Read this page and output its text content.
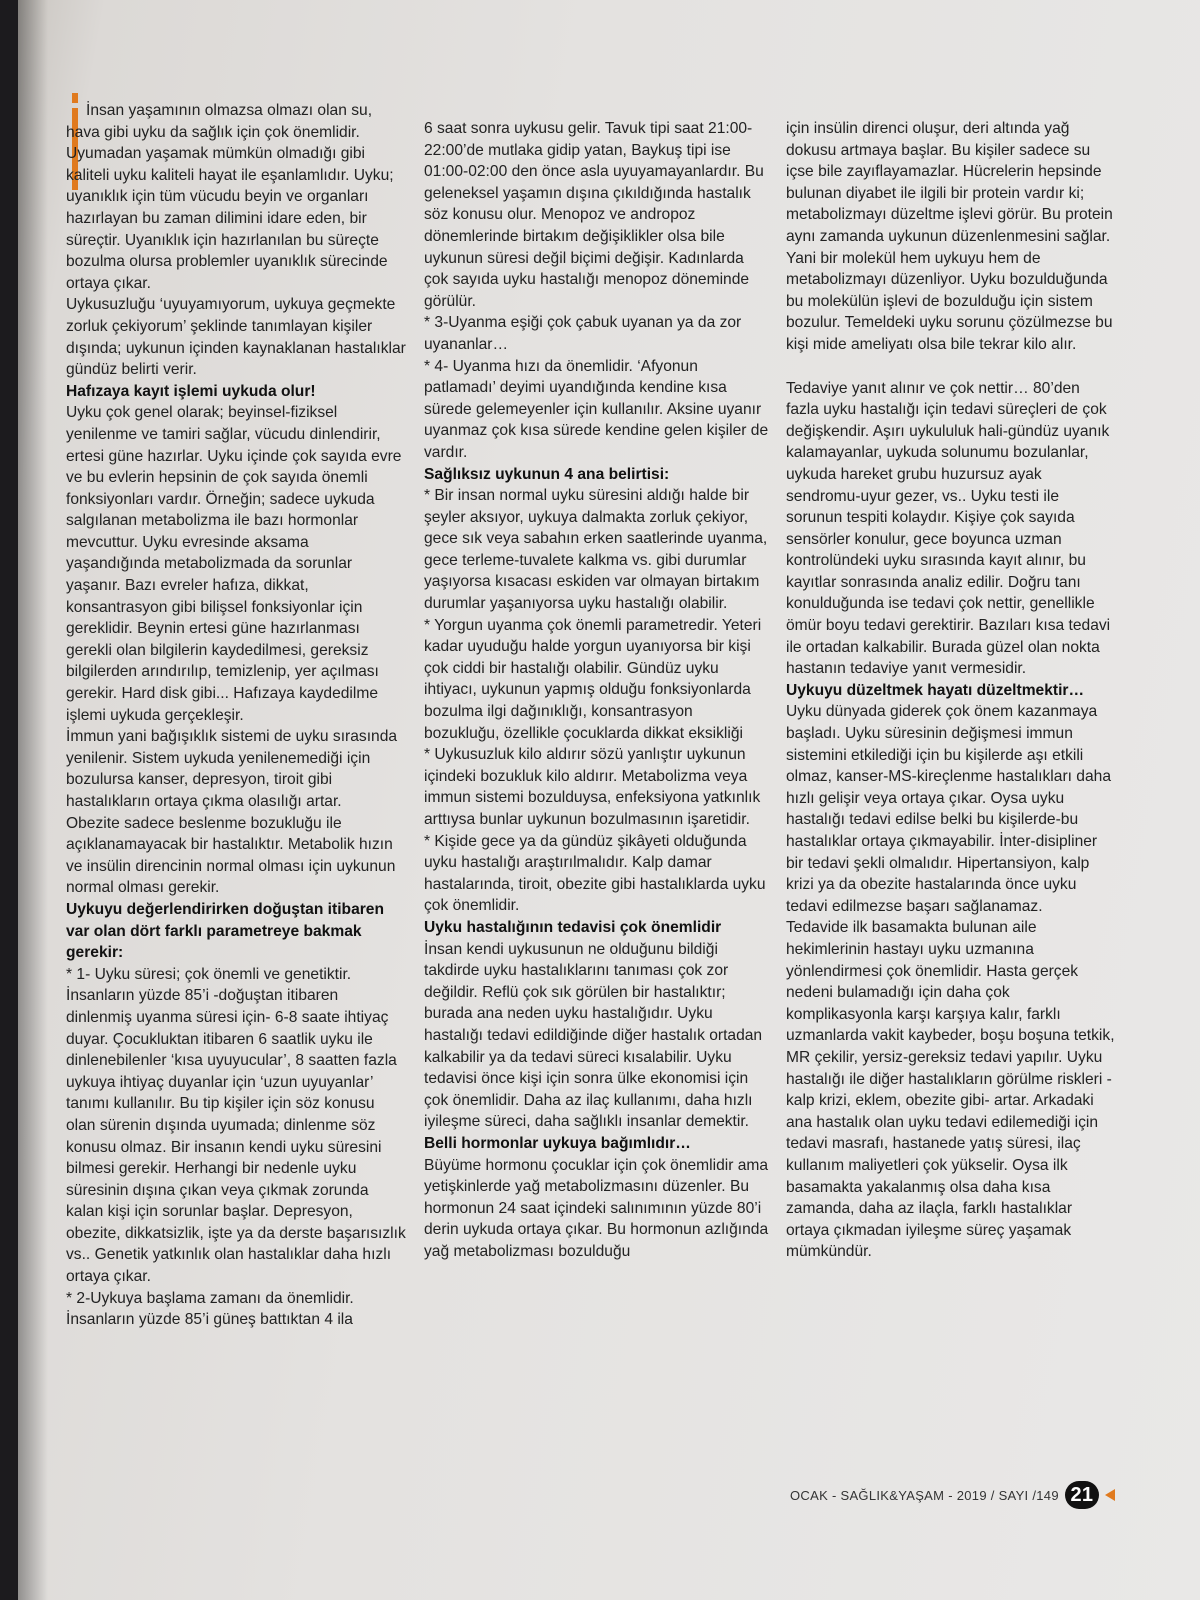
İnsan yaşamının olmazsa olmazı olan su, hava gibi uyku da sağlık için çok önemlidir. Uyumadan yaşamak mümkün olmadığı gibi kaliteli uyku kaliteli hayat ile eşanlamlıdır. Uyku; uyanıklık için tüm vücudu beyin ve organları hazırlayan bu zaman dilimini idare eden, bir süreçtir. Uyanıklık için hazırlanılan bu süreçte bozulma olursa problemler uyanıklık sürecinde ortaya çıkar.

Uykusuzluğu ‘uyuyamıyorum, uykuya geçmekte zorluk çekiyorum’ şeklinde tanımlayan kişiler dışında; uykunun içinden kaynaklanan hastalıklar gündüz belirti verir.

Hafızaya kayıt işlemi uykuda olur!

Uyku çok genel olarak; beyinsel-fiziksel yenilenme ve tamiri sağlar, vücudu dinlendirir, ertesi güne hazırlar. Uyku içinde çok sayıda evre ve bu evlerin hepsinin de çok sayıda önemli fonksiyonları vardır. Örneğin; sadece uykuda salgılanan metabolizma ile bazı hormonlar mevcuttur. Uyku evresinde aksama yaşandığında metabolizmada da sorunlar yaşanır. Bazı evreler hafıza, dikkat, konsantrasyon gibi bilişsel fonksiyonlar için gereklidir. Beynin ertesi güne hazırlanması gerekli olan bilgilerin kaydedilmesi, gereksiz bilgilerden arındırılıp, temizlenip, yer açılması gerekir. Hard disk gibi... Hafızaya kaydedilme işlemi uykuda gerçekleşir.

İmmun yani bağışıklık sistemi de uyku sırasında yenilenir. Sistem uykuda yenilenemediği için bozulursa kanser, depresyon, tiroit gibi hastalıkların ortaya çıkma olasılığı artar.

Obezite sadece beslenme bozukluğu ile açıklanamayacak bir hastalıktır. Metabolik hızın ve insülin direncinin normal olması için uykunun normal olması gerekir.

Uykuyu değerlendirirken doğuştan itibaren var olan dört farklı parametreye bakmak gerekir:

* 1- Uyku süresi; çok önemli ve genetiktir. İnsanların yüzde 85’i -doğuştan itibaren dinlenmiş uyanma süresi için- 6-8 saate ihtiyaç duyar. Çocukluktan itibaren 6 saatlik uyku ile dinlenebilenler ‘kısa uyuyucular’, 8 saatten fazla uykuya ihtiyaç duyanlar için ‘uzun uyuyanlar’ tanımı kullanılır. Bu tip kişiler için söz konusu olan sürenin dışında uyumada; dinlenme söz konusu olmaz. Bir insanın kendi uyku süresini bilmesi gerekir. Herhangi bir nedenle uyku süresinin dışına çıkan veya çıkmak zorunda kalan kişi için sorunlar başlar. Depresyon, obezite, dikkatsizlik, işte ya da derste başarısızlık vs.. Genetik yatkınlık olan hastalıklar daha hızlı ortaya çıkar.

* 2-Uykuya başlama zamanı da önemlidir. İnsanların yüzde 85’i güneş battıktan 4 ila

6 saat sonra uykusu gelir. Tavuk tipi saat 21:00-22:00’de mutlaka gidip yatan, Baykuş tipi ise 01:00-02:00 den önce asla uyuyamayanlardır. Bu geleneksel yaşamın dışına çıkıldığında hastalık söz konusu olur. Menopoz ve andropoz dönemlerinde birtakım değişiklikler olsa bile uykunun süresi değil biçimi değişir. Kadınlarda çok sayıda uyku hastalığı menopoz döneminde görülür.

* 3-Uyanma eşiği çok çabuk uyanan ya da zor uyananlar…

* 4- Uyanma hızı da önemlidir. ‘Afyonun patlamadı’ deyimi uyandığında kendine kısa sürede gelemeyenler için kullanılır. Aksine uyanır uyanmaz çok kısa sürede kendine gelen kişiler de vardır.

Sağlıksız uykunun 4 ana belirtisi:

* Bir insan normal uyku süresini aldığı halde bir şeyler aksıyor, uykuya dalmakta zorluk çekiyor, gece sık veya sabahın erken saatlerinde uyanma, gece terleme-tuvalete kalkma vs. gibi durumlar yaşıyorsa kısacası eskiden var olmayan birtakım durumlar yaşanıyorsa uyku hastalığı olabilir.

* Yorgun uyanma çok önemli parametredir. Yeteri kadar uyuduğu halde yorgun uyanıyorsa bir kişi çok ciddi bir hastalığı olabilir. Gündüz uyku ihtiyacı, uykunun yapmış olduğu fonksiyonlarda bozulma ilgi dağınıklığı, konsantrasyon bozukluğu, özellikle çocuklarda dikkat eksikliği

* Uykusuzluk kilo aldırır sözü yanlıştır uykunun içindeki bozukluk kilo aldırır. Metabolizma veya immun sistemi bozulduysa, enfeksiyona yatkınlık arttıysa bunlar uykunun bozulmasının işaretidir.

* Kişide gece ya da gündüz şikâyeti olduğunda uyku hastalığı araştırılmalıdır. Kalp damar hastalarında, tiroit, obezite gibi hastalıklarda uyku çok önemlidir.

Uyku hastalığının tedavisi çok önemlidir

İnsan kendi uykusunun ne olduğunu bildiği takdirde uyku hastalıklarını tanıması çok zor değildir. Reflü çok sık görülen bir hastalıktır; burada ana neden uyku hastalığıdır. Uyku hastalığı tedavi edildiğinde diğer hastalık ortadan kalkabilir ya da tedavi süreci kısalabilir. Uyku tedavisi önce kişi için sonra ülke ekonomisi için çok önemlidir. Daha az ilaç kullanımı, daha hızlı iyileşme süreci, daha sağlıklı insanlar demektir.

Belli hormonlar uykuya bağımlıdır…

Büyüme hormonu çocuklar için çok önemlidir ama yetişkinlerde yağ metabolizmasını düzenler. Bu hormonun 24 saat içindeki salınımının yüzde 80’i derin uykuda ortaya çıkar. Bu hormonun azlığında yağ metabolizması bozulduğu

için insülin direnci oluşur, deri altında yağ dokusu artmaya başlar. Bu kişiler sadece su içse bile zayıflayamazlar. Hücrelerin hepsinde bulunan diyabet ile ilgili bir protein vardır ki; metabolizmayı düzeltme işlevi görür. Bu protein aynı zamanda uykunun düzenlenmesini sağlar. Yani bir molekül hem uykuyu hem de metabolizmayı düzenliyor. Uyku bozulduğunda bu molekülün işlevi de bozulduğu için sistem bozulur. Temeldeki uyku sorunu çözülmezse bu kişi mide ameliyatı olsa bile tekrar kilo alır.

Tedaviye yanıt alınır ve çok nettir… 80’den fazla uyku hastalığı için tedavi süreçleri de çok değişkendir. Aşırı uykululuk hali-gündüz uyanık kalamayanlar, uykuda solunumu bozulanlar, uykuda hareket grubu huzursuz ayak sendromu-uyur gezer, vs.. Uyku testi ile sorunun tespiti kolaydır. Kişiye çok sayıda sensörler konulur, gece boyunca uzman kontrolündeki uyku sırasında kayıt alınır, bu kayıtlar sonrasında analiz edilir. Doğru tanı konulduğunda ise tedavi çok nettir, genellikle ömür boyu tedavi gerektirir. Bazıları kısa tedavi ile ortadan kalkabilir. Burada güzel olan nokta hastanın tedaviye yanıt vermesidir.

Uykuyu düzeltmek hayatı düzeltmektir…

Uyku dünyada giderek çok önem kazanmaya başladı. Uyku süresinin değişmesi immun sistemini etkilediği için bu kişilerde aşı etkili olmaz, kanser-MS-kireçlenme hastalıkları daha hızlı gelişir veya ortaya çıkar. Oysa uyku hastalığı tedavi edilse belki bu kişilerde-bu hastalıklar ortaya çıkmayabilir. İnter-disipliner bir tedavi şekli olmalıdır. Hipertansiyon, kalp krizi ya da obezite hastalarında önce uyku tedavi edilmezse başarı sağlanamaz.

Tedavide ilk basamakta bulunan aile hekimlerinin hastayı uyku uzmanına yönlendirmesi çok önemlidir. Hasta gerçek nedeni bulamadığı için daha çok komplikasyonla karşı karşıya kalır, farklı uzmanlarda vakit kaybeder, boşu boşuna tetkik, MR çekilir, yersiz-gereksiz tedavi yapılır. Uyku hastalığı ile diğer hastalıkların görülme riskleri -kalp krizi, eklem, obezite gibi- artar. Arkadaki ana hastalık olan uyku tedavi edilemediği için tedavi masrafı, hastanede yatış süresi, ilaç kullanım maliyetleri çok yükselir. Oysa ilk basamakta yakalanmış olsa daha kısa zamanda, daha az ilaçla, farklı hastalıklar ortaya çıkmadan iyileşme süreç yaşamak mümkündür.

OCAK - SAĞLIK&YAŞAM - 2019 / SAYI /149 21
